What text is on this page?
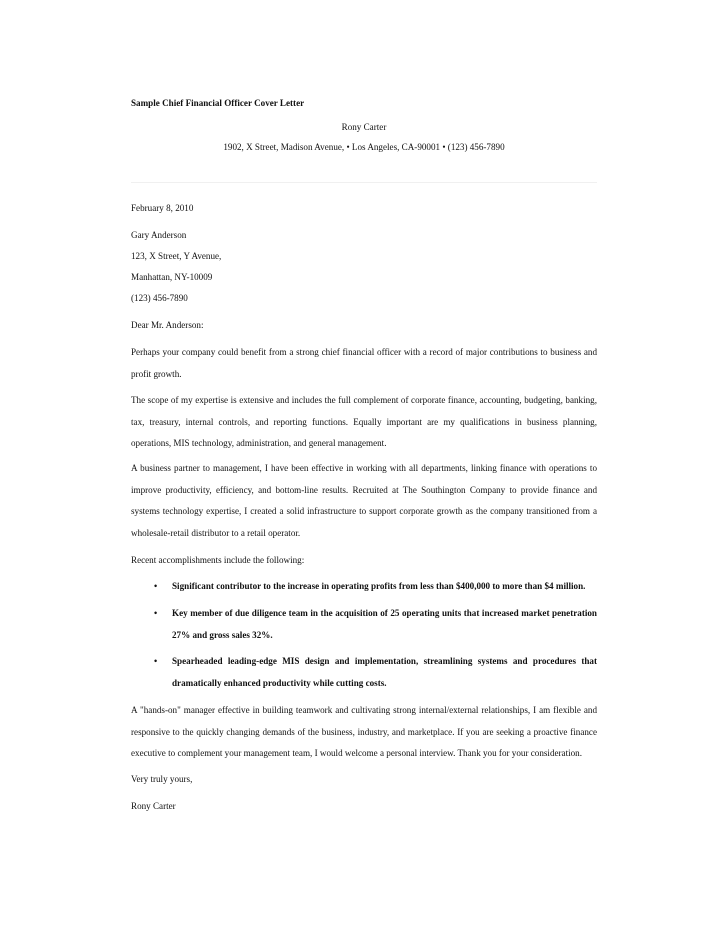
Sample Chief Financial Officer Cover Letter
Rony Carter
1902, X Street, Madison Avenue, • Los Angeles, CA-90001 • (123) 456-7890
February 8, 2010
Gary Anderson
123, X Street, Y Avenue,
Manhattan, NY-10009
(123) 456-7890
Dear Mr. Anderson:
Perhaps your company could benefit from a strong chief financial officer with a record of major contributions to business and profit growth.
The scope of my expertise is extensive and includes the full complement of corporate finance, accounting, budgeting, banking, tax, treasury, internal controls, and reporting functions. Equally important are my qualifications in business planning, operations, MIS technology, administration, and general management.
A business partner to management, I have been effective in working with all departments, linking finance with operations to improve productivity, efficiency, and bottom-line results. Recruited at The Southington Company to provide finance and systems technology expertise, I created a solid infrastructure to support corporate growth as the company transitioned from a wholesale-retail distributor to a retail operator.
Recent accomplishments include the following:
• Significant contributor to the increase in operating profits from less than $400,000 to more than $4 million.
• Key member of due diligence team in the acquisition of 25 operating units that increased market penetration 27% and gross sales 32%.
• Spearheaded leading-edge MIS design and implementation, streamlining systems and procedures that dramatically enhanced productivity while cutting costs.
A "hands-on" manager effective in building teamwork and cultivating strong internal/external relationships, I am flexible and responsive to the quickly changing demands of the business, industry, and marketplace. If you are seeking a proactive finance executive to complement your management team, I would welcome a personal interview. Thank you for your consideration.
Very truly yours,
Rony Carter
